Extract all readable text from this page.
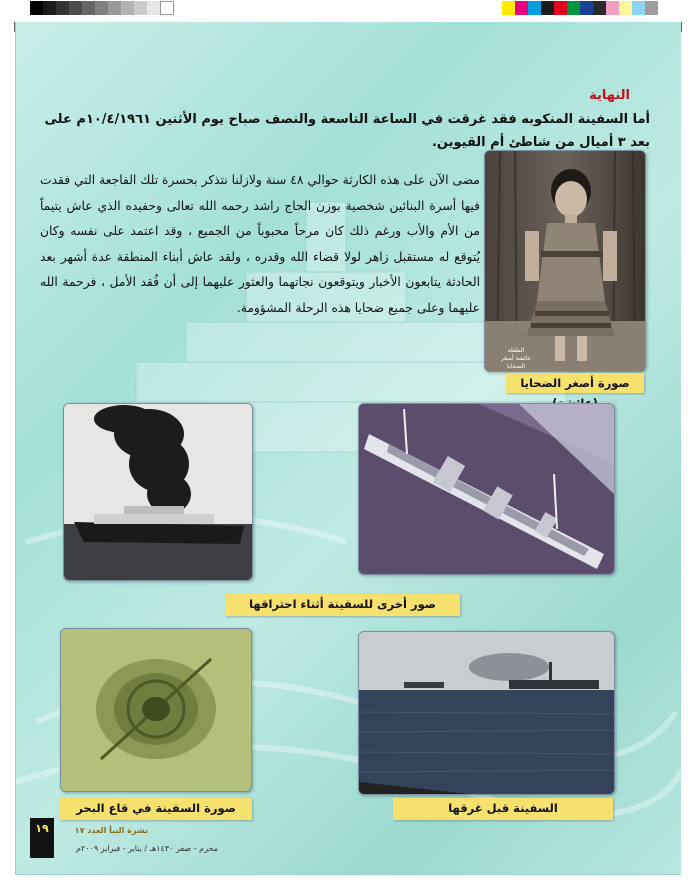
النهاية
أما السفينة المنكوبه فقد غرقت في الساعة التاسعة والنصف صباح يوم الأثنين ١٠/٤/١٩٦١م على بعد ٣ أميال من شاطئ أم القيوين.
مضى الآن على هذه الكارثة حوالي ٤٨ سنة ولازلنا نتذكر بحسرة تلك الفاجعة التي فقدت فيها أسرة البنائين شخصية بوزن الحاج راشد رحمه الله تعالى وحفيده الذي عاش يتيماً من الأم والأب ورغم ذلك كان مرحاً محبوباً من الجميع ، وقد اعتمد على نفسه وكان يُتوقع له مستقبل زاهر لولا قضاء الله وقدره ، ولقد عاش أبناء المنطقة عدة أشهر بعد الحادثة يتابعون الأخبار ويتوقعون نجاتهما والعثور عليهما إلى أن فُقد الأمل ، فرحمة الله عليهما وعلى جميع ضحايا هذه الرحلة المشؤومة.
الطفلة عائشة أصغر الضحايا
صورة أصغر الضحايا
صور أخرى للسفينة أثناء احتراقها
صورة السفينة في قاع البحر	السفينة قبل غرقها
١٩	نشرة النبأ العدد ١٧
محرم - صفر ١٤٣٠هـ / يناير - فبراير ٢٠٠٩م
